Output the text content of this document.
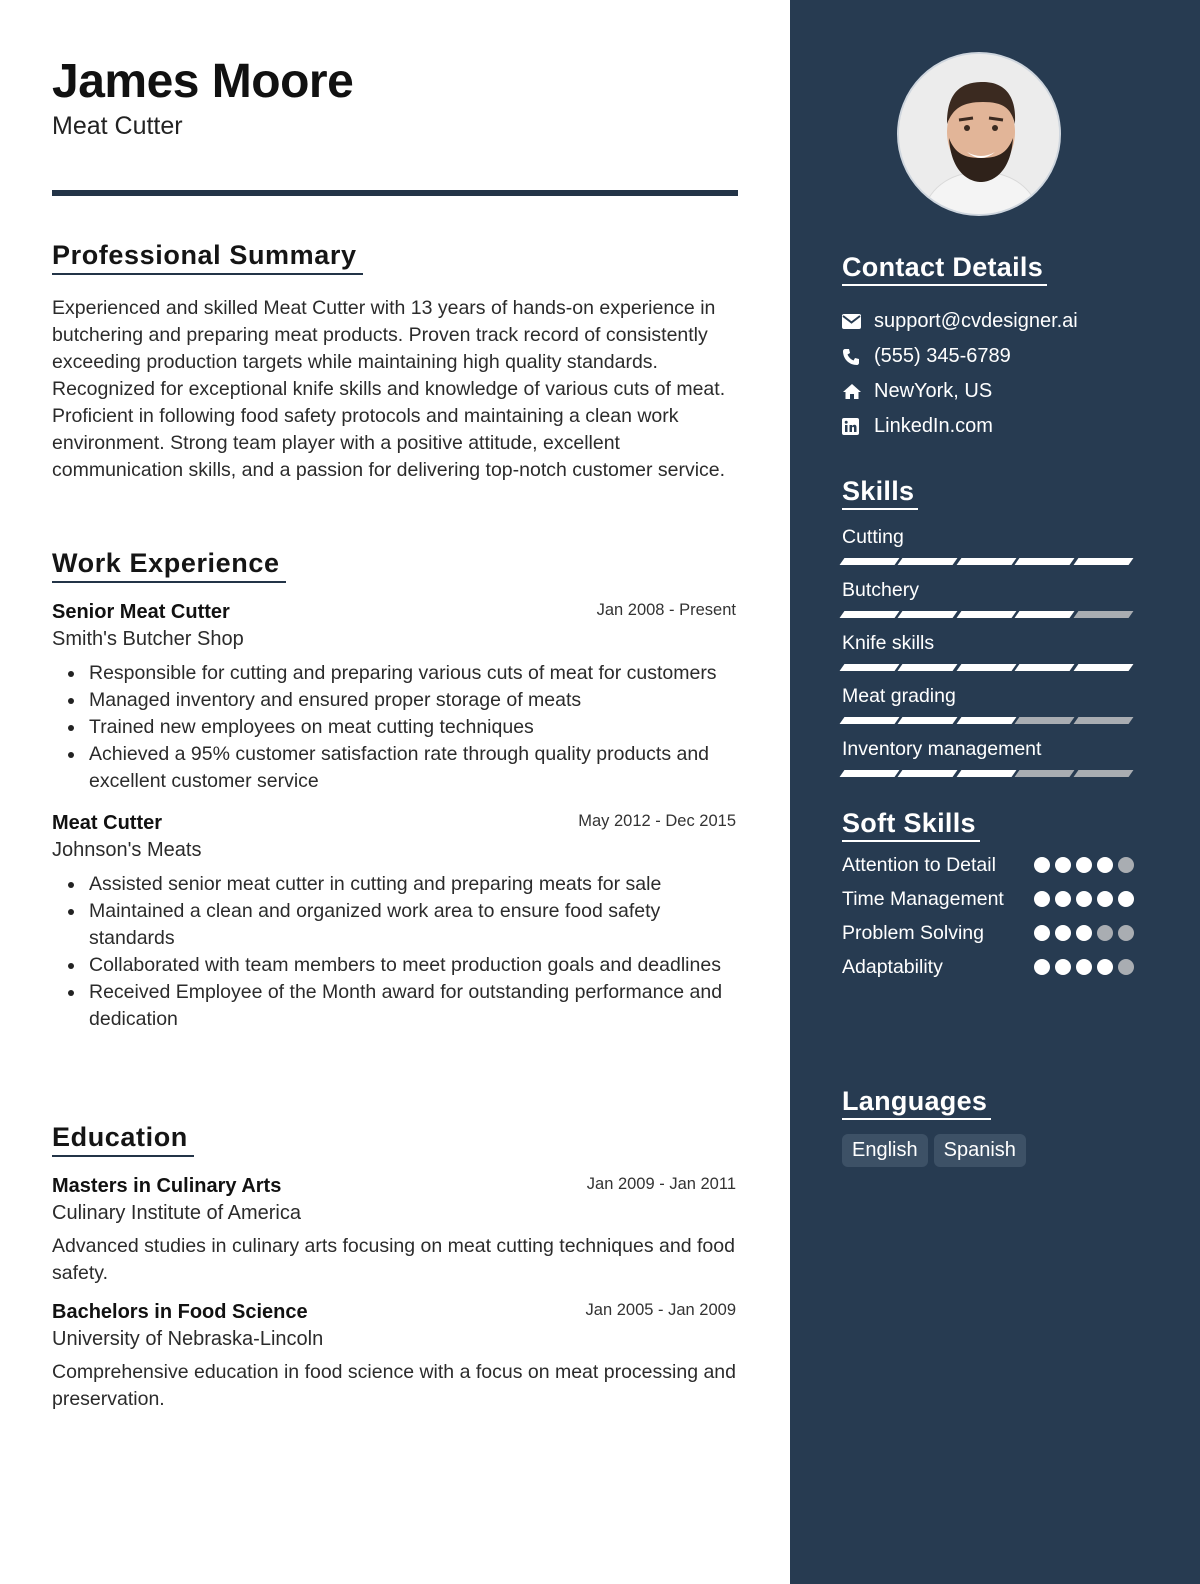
James Moore
Meat Cutter
Professional Summary

Experienced and skilled Meat Cutter with 13 years of hands-on experience in butchering and preparing meat products. Proven track record of consistently exceeding production targets while maintaining high quality standards. Recognized for exceptional knife skills and knowledge of various cuts of meat. Proficient in following food safety protocols and maintaining a clean work environment. Strong team player with a positive attitude, excellent communication skills, and a passion for delivering top-notch customer service.

Work Experience
Senior Meat Cutter	Jan 2008 - Present
Smith's Butcher Shop
Responsible for cutting and preparing various cuts of meat for customers
Managed inventory and ensured proper storage of meats
Trained new employees on meat cutting techniques
Achieved a 95% customer satisfaction rate through quality products and excellent customer service
Meat Cutter	May 2012 - Dec 2015
Johnson's Meats
Assisted senior meat cutter in cutting and preparing meats for sale
Maintained a clean and organized work area to ensure food safety standards
Collaborated with team members to meet production goals and deadlines
Received Employee of the Month award for outstanding performance and dedication
Education
Masters in Culinary Arts	Jan 2009 - Jan 2011
Culinary Institute of America

Advanced studies in culinary arts focusing on meat cutting techniques and food safety.

Bachelors in Food Science	Jan 2005 - Jan 2009
University of Nebraska-Lincoln

Comprehensive education in food science with a focus on meat processing and preservation.

Contact Details
support@cvdesigner.ai
(555) 345-6789
NewYork, US
LinkedIn.com
Skills
Cutting
Butchery
Knife skills
Meat grading
Inventory management
Soft Skills
Attention to Detail
Time Management
Problem Solving
Adaptability
Languages
English	Spanish
